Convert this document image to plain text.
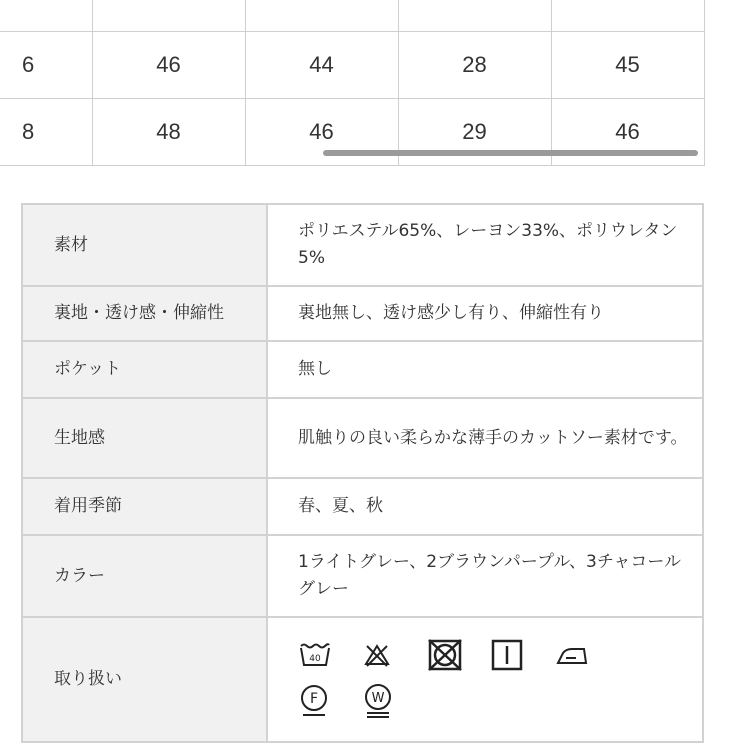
6	46	44	28	45
8	48	46	29	46
素材	ポリエステル65%、レーヨン33%、ポリウレタン5%
裏地・透け感・伸縮性	裏地無し、透け感少し有り、伸縮性有り
ポケット	無し
生地感	肌触りの良い柔らかな薄手のカットソー素材です。
着用季節	春、夏、秋
カラー	1ライトグレー、2ブラウンパープル、3チャコールグレー
取り扱い	40
F W
